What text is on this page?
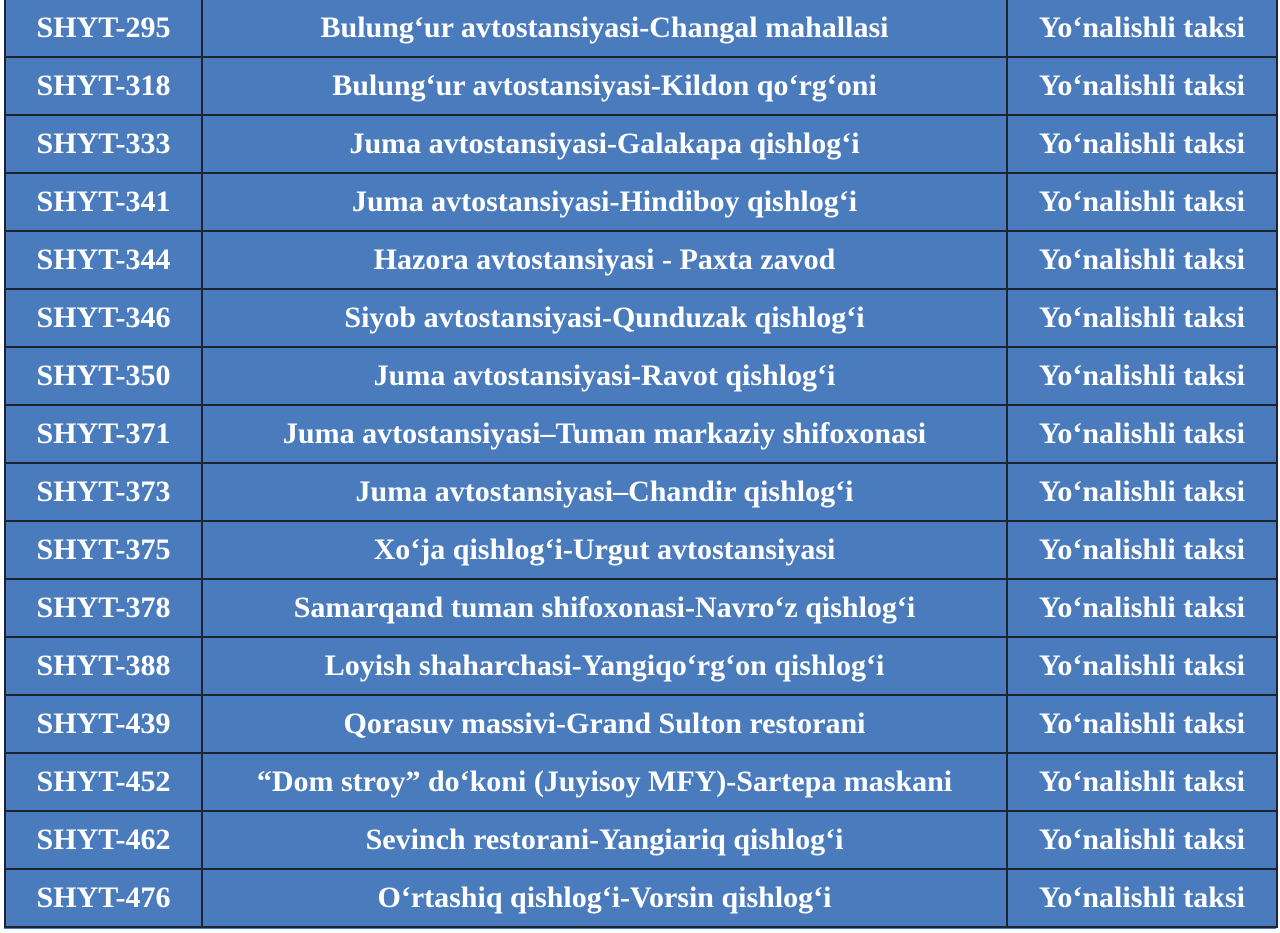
SHYT-295	Bulung‘ur avtostansiyasi-Changal mahallasi	Yo‘nalishli taksi
SHYT-318	Bulung‘ur avtostansiyasi-Kildon qo‘rg‘oni	Yo‘nalishli taksi
SHYT-333	Juma avtostansiyasi-Galakapa qishlog‘i	Yo‘nalishli taksi
SHYT-341	Juma avtostansiyasi-Hindiboy qishlog‘i	Yo‘nalishli taksi
SHYT-344	Hazora avtostansiyasi - Paxta zavod	Yo‘nalishli taksi
SHYT-346	Siyob avtostansiyasi-Qunduzak qishlog‘i	Yo‘nalishli taksi
SHYT-350	Juma avtostansiyasi-Ravot qishlog‘i	Yo‘nalishli taksi
SHYT-371	Juma avtostansiyasi–Tuman markaziy shifoxonasi	Yo‘nalishli taksi
SHYT-373	Juma avtostansiyasi–Chandir qishlog‘i	Yo‘nalishli taksi
SHYT-375	Xo‘ja qishlog‘i-Urgut avtostansiyasi	Yo‘nalishli taksi
SHYT-378	Samarqand tuman shifoxonasi-Navro‘z qishlog‘i	Yo‘nalishli taksi
SHYT-388	Loyish shaharchasi-Yangiqo‘rg‘on qishlog‘i	Yo‘nalishli taksi
SHYT-439	Qorasuv massivi-Grand Sulton restorani	Yo‘nalishli taksi
SHYT-452	“Dom stroy” do‘koni (Juyisoy MFY)-Sartepa maskani	Yo‘nalishli taksi
SHYT-462	Sevinch restorani-Yangiariq qishlog‘i	Yo‘nalishli taksi
SHYT-476	O‘rtashiq qishlog‘i-Vorsin qishlog‘i	Yo‘nalishli taksi
